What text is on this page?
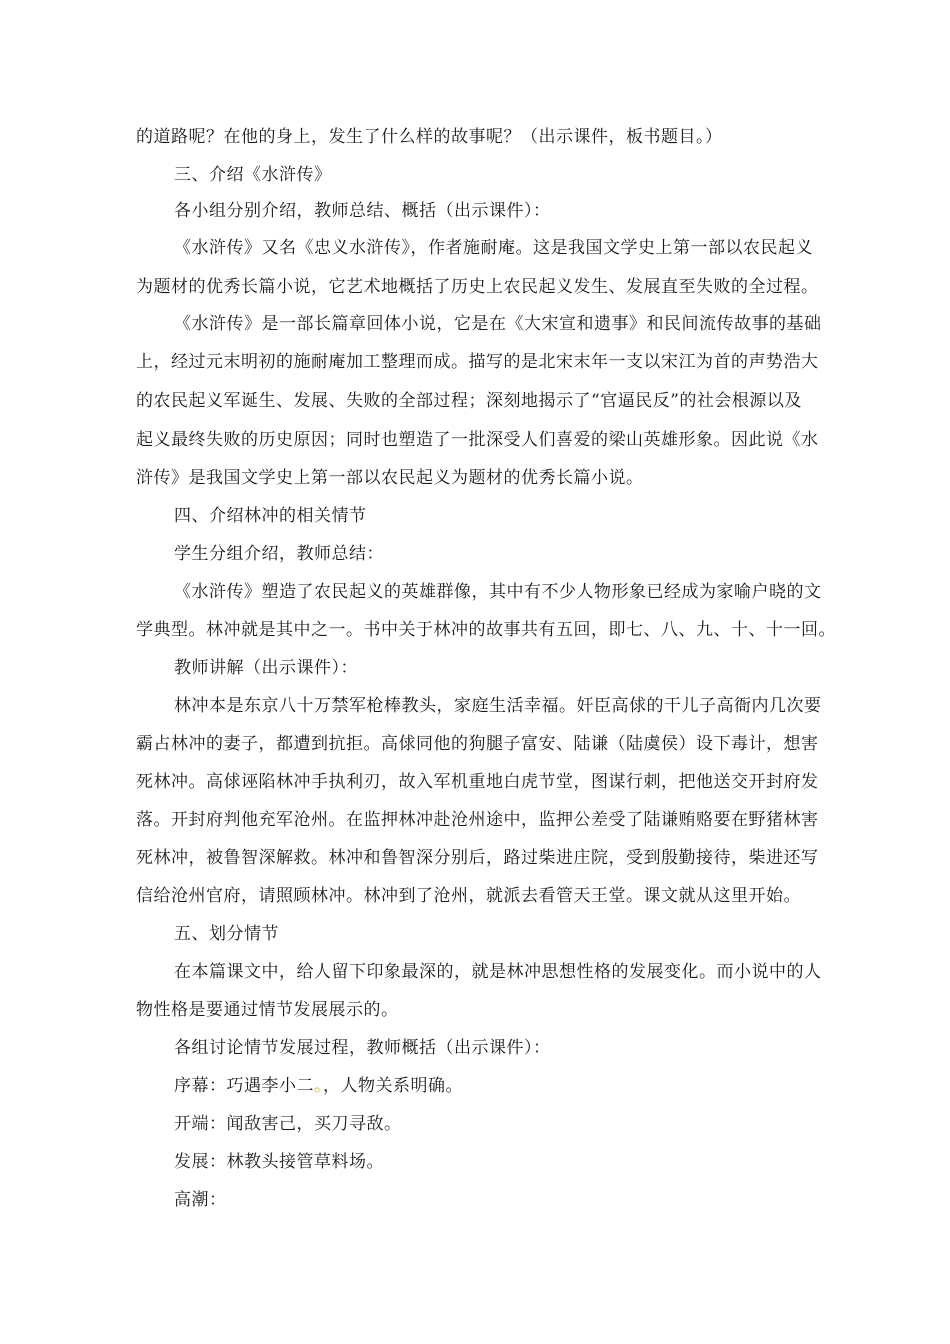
的道路呢？在他的身上，发生了什么样的故事呢？（出示课件，板书题目。）
三、介绍《水浒传》
各小组分别介绍，教师总结、概括（出示课件）：
《水浒传》又名《忠义水浒传》，作者施耐庵。这是我国文学史上第一部以农民起义
为题材的优秀长篇小说，它艺术地概括了历史上农民起义发生、发展直至失败的全过程。
《水浒传》是一部长篇章回体小说，它是在《大宋宣和遗事》和民间流传故事的基础
上，经过元末明初的施耐庵加工整理而成。描写的是北宋末年一支以宋江为首的声势浩大
的农民起义军诞生、发展、失败的全部过程；深刻地揭示了“官逼民反”的社会根源以及
起义最终失败的历史原因；同时也塑造了一批深受人们喜爱的梁山英雄形象。因此说《水
浒传》是我国文学史上第一部以农民起义为题材的优秀长篇小说。
四、介绍林冲的相关情节
学生分组介绍，教师总结：
《水浒传》塑造了农民起义的英雄群像，其中有不少人物形象已经成为家喻户晓的文
学典型。林冲就是其中之一。书中关于林冲的故事共有五回，即七、八、九、十、十一回。
教师讲解（出示课件）：
林冲本是东京八十万禁军枪棒教头，家庭生活幸福。奸臣高俅的干儿子高衙内几次要
霸占林冲的妻子，都遭到抗拒。高俅同他的狗腿子富安、陆谦（陆虞侯）设下毒计，想害
死林冲。高俅诬陷林冲手执利刃，故入军机重地白虎节堂，图谋行刺，把他送交开封府发
落。开封府判他充军沧州。在监押林冲赴沧州途中，监押公差受了陆谦贿赂要在野猪林害
死林冲，被鲁智深解救。林冲和鲁智深分别后，路过柴进庄院，受到殷勤接待，柴进还写
信给沧州官府，请照顾林冲。林冲到了沧州，就派去看管天王堂。课文就从这里开始。
五、划分情节
在本篇课文中，给人留下印象最深的，就是林冲思想性格的发展变化。而小说中的人
物性格是要通过情节发展展示的。
各组讨论情节发展过程，教师概括（出示课件）：
序幕：巧遇李小二。，人物关系明确。
开端：闻敌害己，买刀寻敌。
发展：林教头接管草料场。
高潮：
